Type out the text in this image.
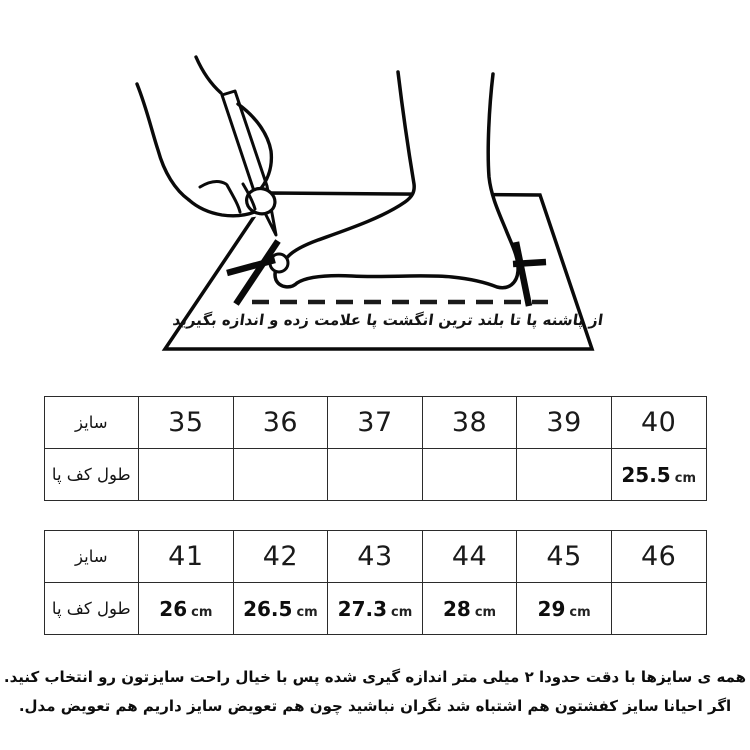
از پاشنه پا تا بلند ترین انگشت پا علامت زده و اندازه بگیرید
سایز	35	36	37	38	39	40
طول کف پا						25.5 cm
سایز	41	42	43	44	45	46
طول کف پا	26 cm	26.5 cm	27.3 cm	28 cm	29 cm	

همه ی سایزها با دقت حدودا ۲ میلی متر اندازه گیری شده پس با خیال راحت سایزتون رو انتخاب کنید.

اگر احیانا سایز کفشتون هم اشتباه شد نگران نباشید چون هم تعویض سایز داریم هم تعویض مدل.
